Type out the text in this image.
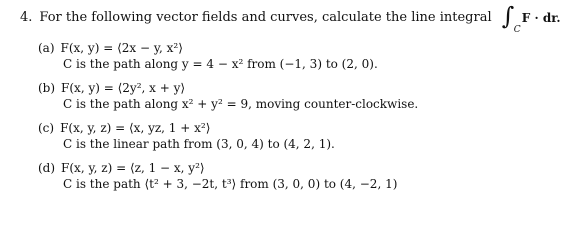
4. For the following vector fields and curves, calculate the line integral ∫ C
F · dr.
(a) F(x, y) = ⟨2x − y, x²⟩
C is the path along y = 4 − x² from (−1, 3) to (2, 0).
(b) F(x, y) = ⟨2y², x + y⟩
C is the path along x² + y² = 9, moving counter-clockwise.
(c) F(x, y, z) = ⟨x, yz, 1 + x²⟩
C is the linear path from (3, 0, 4) to (4, 2, 1).
(d) F(x, y, z) = ⟨z, 1 − x, y²⟩
C is the path ⟨t² + 3, −2t, t³⟩ from (3, 0, 0) to (4, −2, 1)
